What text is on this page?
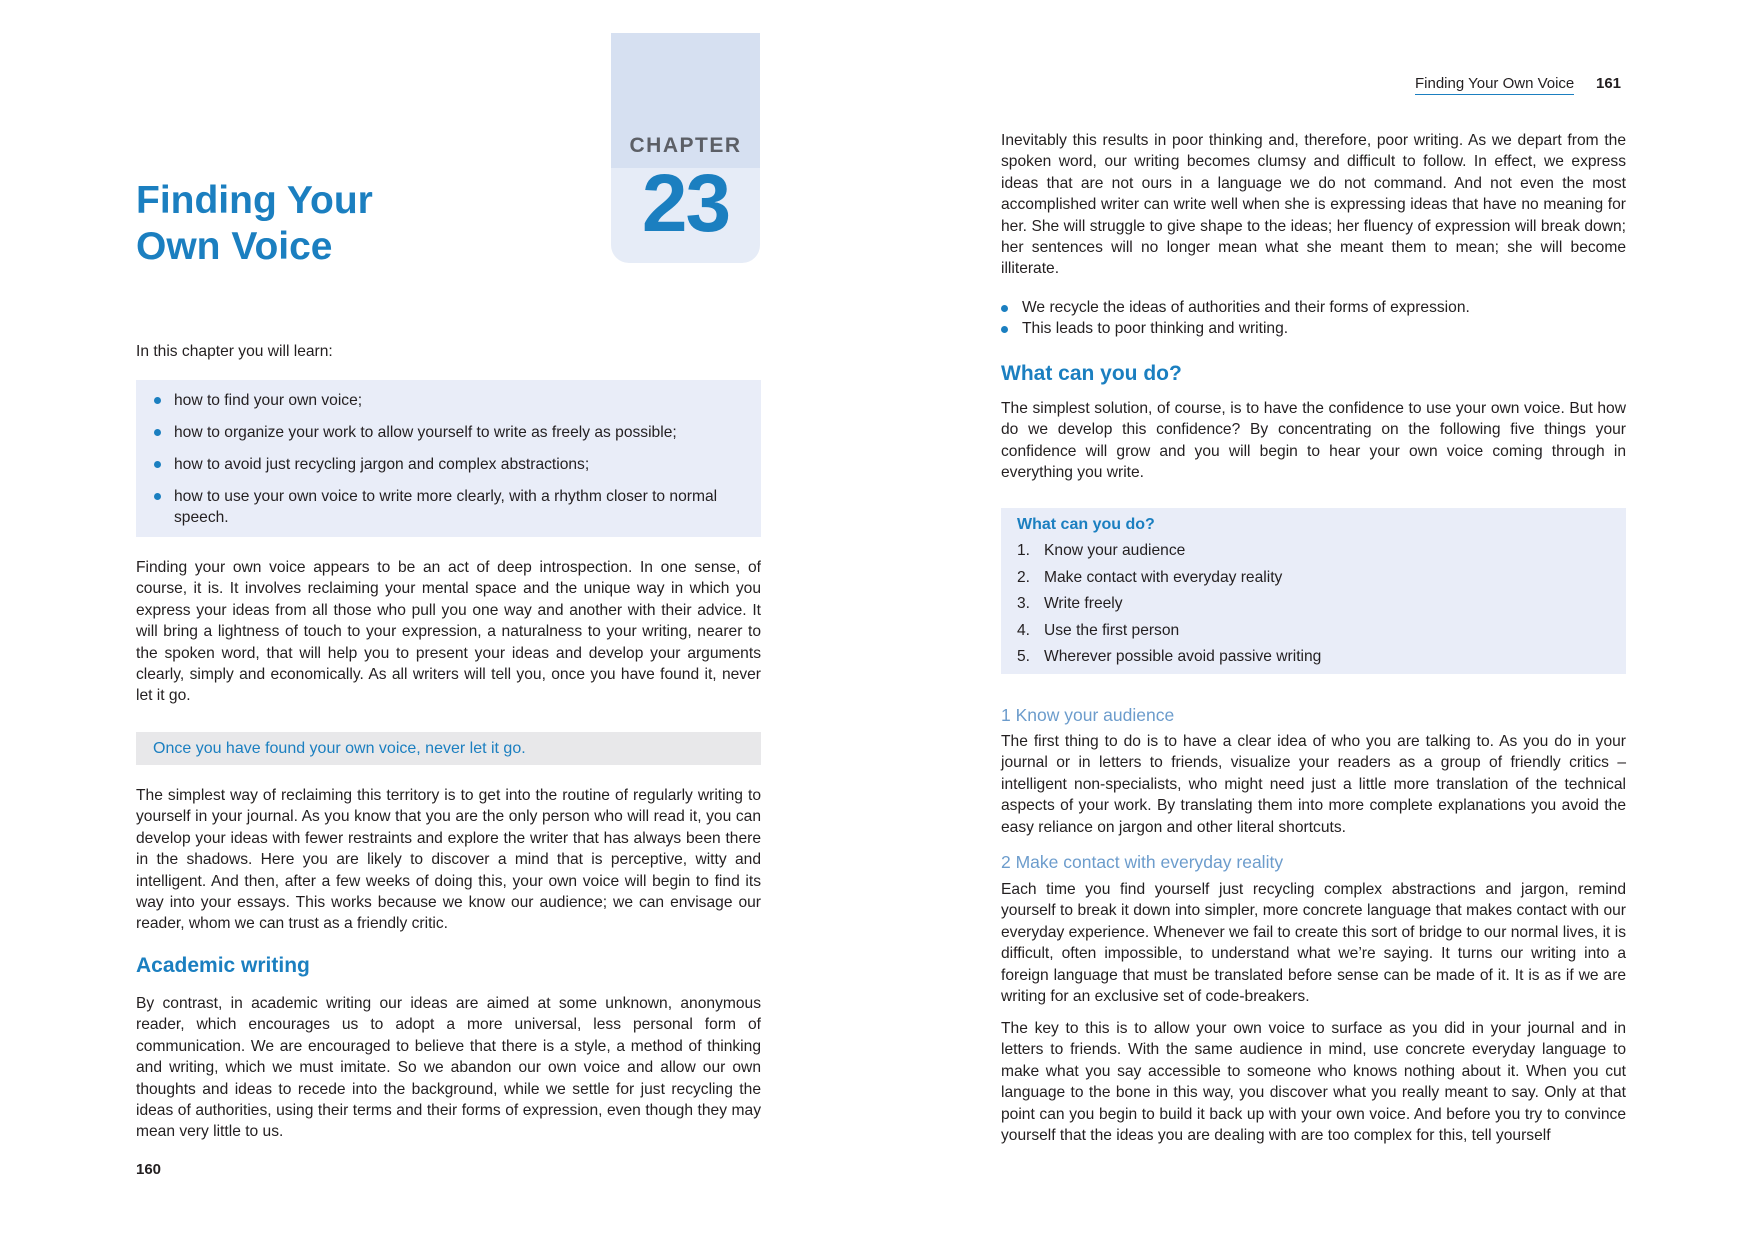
CHAPTER
23
Finding Your
Own Voice

In this chapter you will learn:

how to find your own voice;
how to organize your work to allow yourself to write as freely as possible;
how to avoid just recycling jargon and complex abstractions;
how to use your own voice to write more clearly, with a rhythm closer to normal speech.

Finding your own voice appears to be an act of deep introspection. In one sense, of course, it is. It involves reclaiming your mental space and the unique way in which you express your ideas from all those who pull you one way and another with their advice. It will bring a lightness of touch to your expression, a naturalness to your writing, nearer to the spoken word, that will help you to present your ideas and develop your arguments clearly, simply and economically. As all writers will tell you, once you have found it, never let it go.

Once you have found your own voice, never let it go.

The simplest way of reclaiming this territory is to get into the routine of regularly writing to yourself in your journal. As you know that you are the only person who will read it, you can develop your ideas with fewer restraints and explore the writer that has always been there in the shadows. Here you are likely to discover a mind that is perceptive, witty and intelligent. And then, after a few weeks of doing this, your own voice will begin to find its way into your essays. This works because we know our audience; we can envisage our reader, whom we can trust as a friendly critic.

Academic writing

By contrast, in academic writing our ideas are aimed at some unknown, anonymous reader, which encourages us to adopt a more universal, less personal form of communication. We are encouraged to believe that there is a style, a method of thinking and writing, which we must imitate. So we abandon our own voice and allow our own thoughts and ideas to recede into the background, while we settle for just recycling the ideas of authorities, using their terms and their forms of expression, even though they may mean very little to us.

160
Finding Your Own Voice 161

Inevitably this results in poor thinking and, therefore, poor writing. As we depart from the spoken word, our writing becomes clumsy and difficult to follow. In effect, we express ideas that are not ours in a language we do not command. And not even the most accomplished writer can write well when she is expressing ideas that have no meaning for her. She will struggle to give shape to the ideas; her fluency of expression will break down; her sentences will no longer mean what she meant them to mean; she will become illiterate.

We recycle the ideas of authorities and their forms of expression.
This leads to poor thinking and writing.
What can you do?

The simplest solution, of course, is to have the confidence to use your own voice. But how do we develop this confidence? By concentrating on the following five things your confidence will grow and you will begin to hear your own voice coming through in everything you write.

What can you do?
1. Know your audience
2. Make contact with everyday reality
3. Write freely
4. Use the first person
5. Wherever possible avoid passive writing
1 Know your audience

The first thing to do is to have a clear idea of who you are talking to. As you do in your journal or in letters to friends, visualize your readers as a group of friendly critics – intelligent non-specialists, who might need just a little more translation of the technical aspects of your work. By translating them into more complete explanations you avoid the easy reliance on jargon and other literal shortcuts.

2 Make contact with everyday reality

Each time you find yourself just recycling complex abstractions and jargon, remind yourself to break it down into simpler, more concrete language that makes contact with our everyday experience. Whenever we fail to create this sort of bridge to our normal lives, it is difficult, often impossible, to understand what we’re saying. It turns our writing into a foreign language that must be translated before sense can be made of it. It is as if we are writing for an exclusive set of code-breakers.

The key to this is to allow your own voice to surface as you did in your journal and in letters to friends. With the same audience in mind, use concrete everyday language to make what you say accessible to someone who knows nothing about it. When you cut language to the bone in this way, you discover what you really meant to say. Only at that point can you begin to build it back up with your own voice. And before you try to convince yourself that the ideas you are dealing with are too complex for this, tell yourself
